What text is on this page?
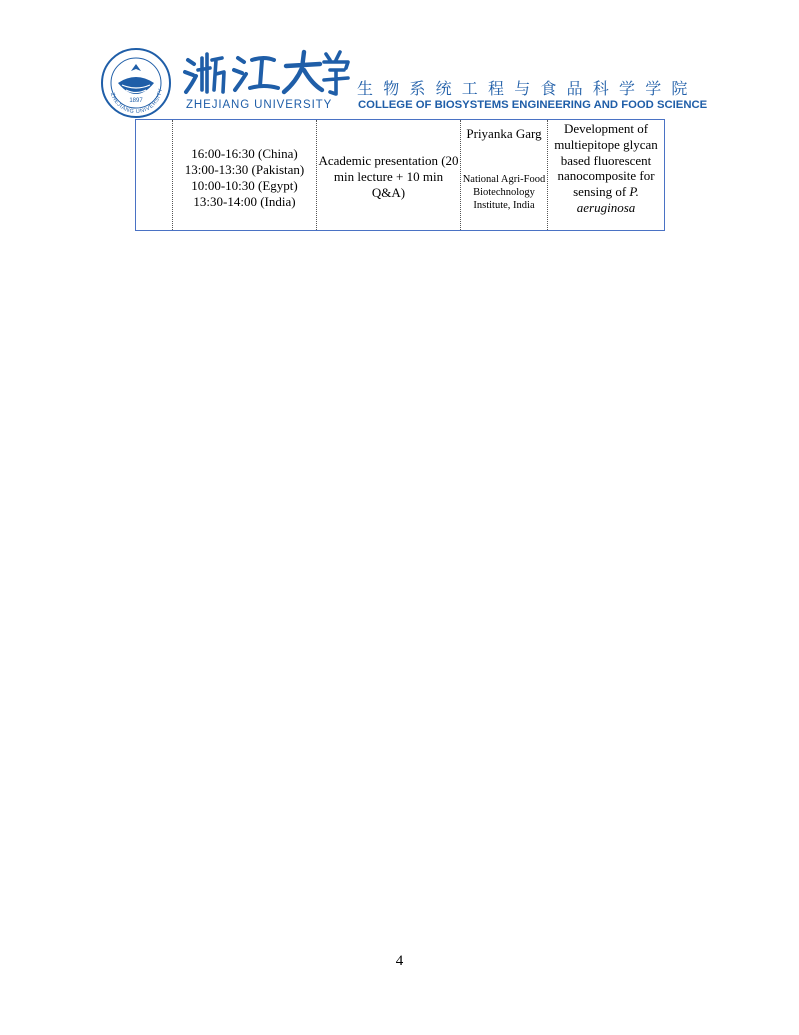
1897
ZHEJIANG UNIVERSITY
ZHEJIANG UNIVERSITY
生物系统工程与食品科学学院
COLLEGE OF BIOSYSTEMS ENGINEERING AND FOOD SCIENCE
16:00-16:30 (China)
13:00-13:30 (Pakistan)
10:00-10:30 (Egypt)
13:30-14:00 (India)
Academic presentation (20 min lecture + 10 min Q&A)
Priyanka Garg
National Agri-Food Biotechnology Institute, India
Development of multiepitope glycan based fluorescent nanocomposite for sensing of P. aeruginosa
4
